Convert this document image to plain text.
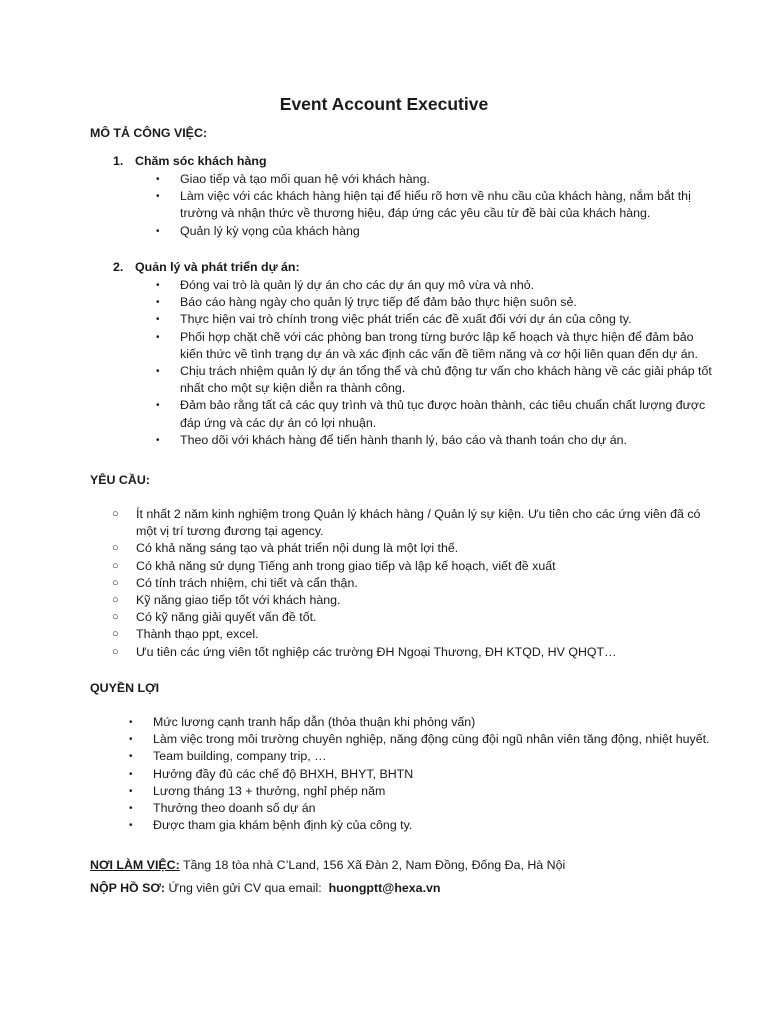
Event Account Executive
MÔ TẢ CÔNG VIỆC:
1. Chăm sóc khách hàng
• Giao tiếp và tạo mối quan hệ với khách hàng.
• Làm việc với các khách hàng hiện tại để hiểu rõ hơn về nhu cầu của khách hàng, nắm bắt thị trường và nhận thức về thương hiệu, đáp ứng các yêu cầu từ đề bài của khách hàng.
• Quản lý kỳ vọng của khách hàng
2. Quản lý và phát triển dự án:
• Đóng vai trò là quản lý dự án cho các dự án quy mô vừa và nhỏ.
• Báo cáo hàng ngày cho quản lý trực tiếp để đảm bảo thực hiện suôn sẻ.
• Thực hiện vai trò chính trong việc phát triển các đề xuất đối với dự án của công ty.
• Phối hợp chặt chẽ với các phòng ban trong từng bước lập kế hoạch và thực hiện để đảm bảo kiến thức về tình trạng dự án và xác định các vấn đề tiềm năng và cơ hội liên quan đến dự án.
• Chịu trách nhiệm quản lý dự án tổng thể và chủ động tư vấn cho khách hàng về các giải pháp tốt nhất cho một sự kiện diễn ra thành công.
• Đảm bảo rằng tất cả các quy trình và thủ tục được hoàn thành, các tiêu chuẩn chất lượng được đáp ứng và các dự án có lợi nhuận.
• Theo dõi với khách hàng để tiến hành thanh lý, báo cáo và thanh toán cho dự án.
YÊU CẦU:
○ Ít nhất 2 năm kinh nghiệm trong Quản lý khách hàng / Quản lý sự kiện. Ưu tiên cho các ứng viên đã có một vị trí tương đương tại agency.
○ Có khả năng sáng tạo và phát triển nội dung là một lợi thế.
○ Có khả năng sử dụng Tiếng anh trong giao tiếp và lập kế hoạch, viết đề xuất
○ Có tính trách nhiệm, chi tiết và cẩn thận.
○ Kỹ năng giao tiếp tốt với khách hàng.
○ Có kỹ năng giải quyết vấn đề tốt.
○ Thành thạo ppt, excel.
○ Ưu tiên các ứng viên tốt nghiệp các trường ĐH Ngoại Thương, ĐH KTQD, HV QHQT…
QUYỀN LỢI
• Mức lương cạnh tranh hấp dẫn (thỏa thuận khi phỏng vấn)
• Làm việc trong môi trường chuyên nghiệp, năng động cùng đội ngũ nhân viên tăng động, nhiệt huyết.
• Team building, company trip, …
• Hưởng đầy đủ các chế độ BHXH, BHYT, BHTN
• Lương tháng 13 + thưởng, nghỉ phép năm
• Thưởng theo doanh số dự án
• Được tham gia khám bệnh định kỳ của công ty.
NƠI LÀM VIỆC: Tầng 18 tòa nhà C’Land, 156 Xã Đàn 2, Nam Đồng, Đống Đa, Hà Nội
NỘP HỒ SƠ: Ứng viên gửi CV qua email:  huongptt@hexa.vn
